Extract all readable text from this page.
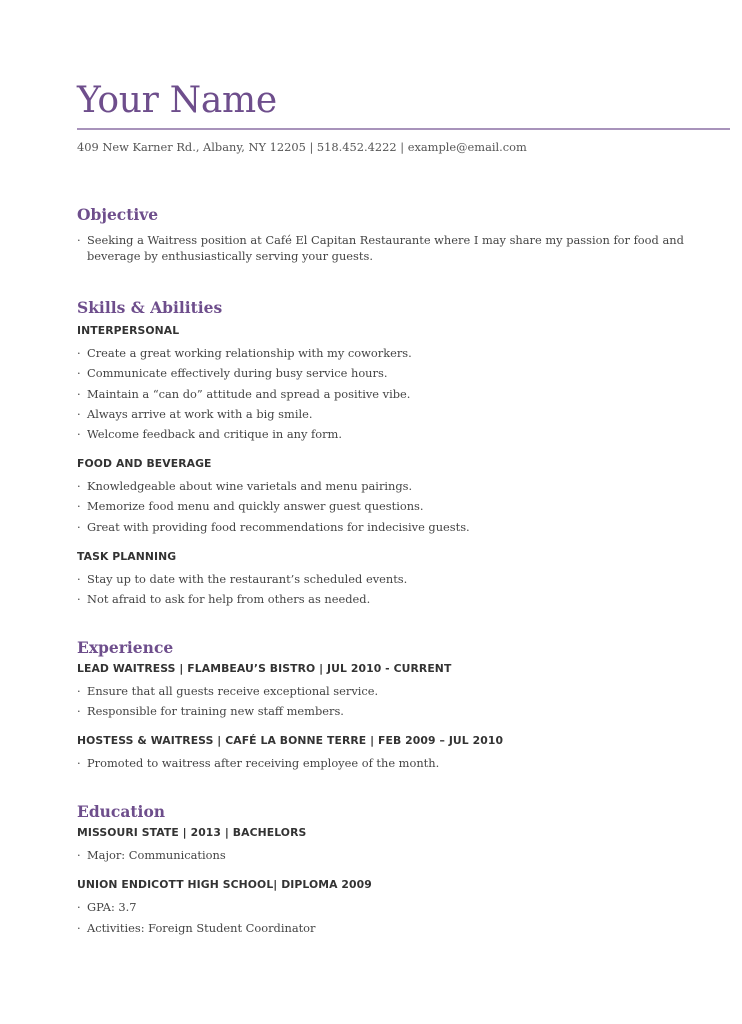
Your Name
409 New Karner Rd., Albany, NY 12205 | 518.452.4222 | example@email.com
Objective
· Seeking a Waitress position at Café El Capitan Restaurante where I may share my passion for food and beverage by enthusiastically serving your guests.
Skills & Abilities
INTERPERSONAL
· Create a great working relationship with my coworkers.
· Communicate effectively during busy service hours.
· Maintain a “can do” attitude and spread a positive vibe.
· Always arrive at work with a big smile.
· Welcome feedback and critique in any form.
FOOD AND BEVERAGE
· Knowledgeable about wine varietals and menu pairings.
· Memorize food menu and quickly answer guest questions.
· Great with providing food recommendations for indecisive guests.
TASK PLANNING
· Stay up to date with the restaurant’s scheduled events.
· Not afraid to ask for help from others as needed.
Experience
LEAD WAITRESS | FLAMBEAU’S BISTRO | JUL 2010 - CURRENT
· Ensure that all guests receive exceptional service.
· Responsible for training new staff members.
HOSTESS & WAITRESS | CAFÉ LA BONNE TERRE | FEB 2009 – JUL 2010
· Promoted to waitress after receiving employee of the month.
Education
MISSOURI STATE | 2013 | BACHELORS
· Major: Communications
UNION ENDICOTT HIGH SCHOOL| DIPLOMA 2009
· GPA: 3.7
· Activities: Foreign Student Coordinator
